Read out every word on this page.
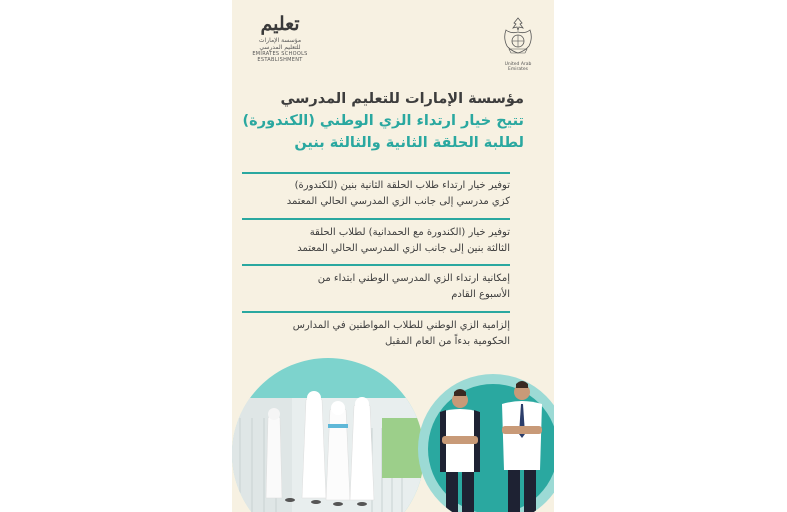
تعليم
مؤسسة الإمارات للتعليم المدرسي
EMIRATES SCHOOLS ESTABLISHMENT
United Arab Emirates
مؤسسة الإمارات للتعليم المدرسي
تتيح خيار ارتداء الزي الوطني (الكندورة)
لطلبة الحلقة الثانية والثالثة بنين
توفير خيار ارتداء طلاب الحلقة الثانية بنين (للكندورة)
كزي مدرسي إلى جانب الزي المدرسي الحالي المعتمد
توفير خيار (الكندورة مع الحمدانية) لطلاب الحلقة
الثالثة بنين إلى جانب الزي المدرسي الحالي المعتمد
إمكانية ارتداء الزي المدرسي الوطني ابتداء من
الأسبوع القادم
إلزامية الزي الوطني للطلاب المواطنين في المدارس
الحكومية بدءاً من العام المقبل
